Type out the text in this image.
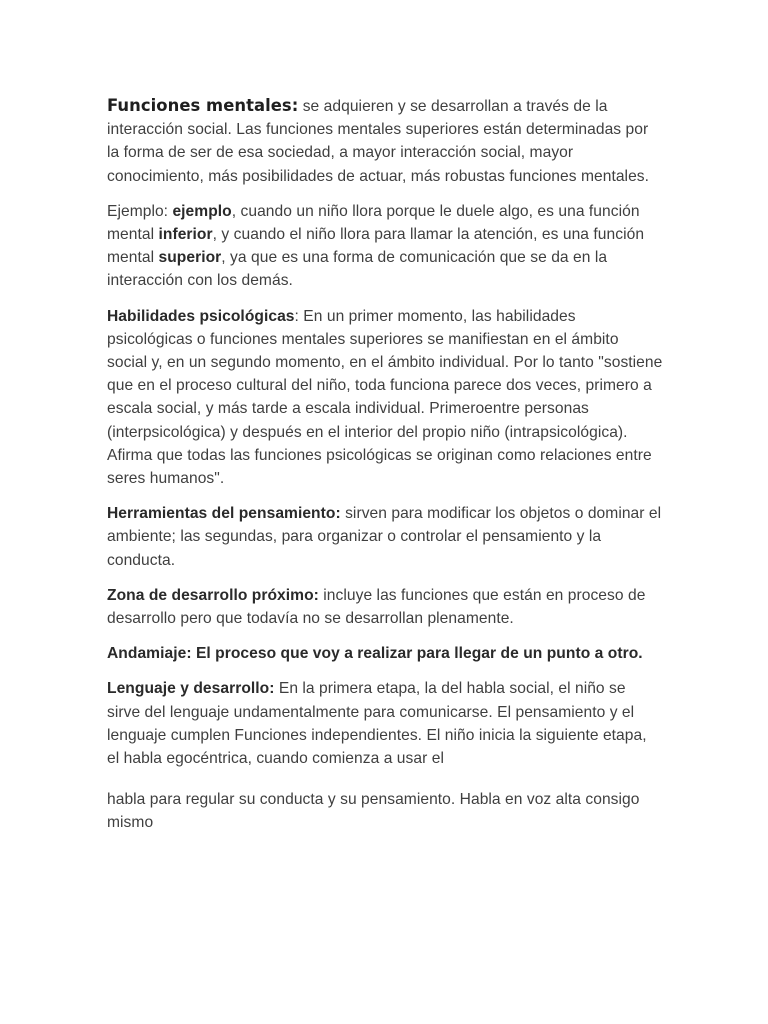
Funciones mentales: se adquieren y se desarrollan a través de la interacción social. Las funciones mentales superiores están determinadas por la forma de ser de esa sociedad, a mayor interacción social, mayor conocimiento, más posibilidades de actuar, más robustas funciones mentales.

Ejemplo: ejemplo, cuando un niño llora porque le duele algo, es una función mental inferior, y cuando el niño llora para llamar la atención, es una función mental superior, ya que es una forma de comunicación que se da en la interacción con los demás.

Habilidades psicológicas: En un primer momento, las habilidades psicológicas o funciones mentales superiores se manifiestan en el ámbito social y, en un segundo momento, en el ámbito individual. Por lo tanto "sostiene que en el proceso cultural del niño, toda funciona parece dos veces, primero a escala social, y más tarde a escala individual. Primeroentre personas (interpsicológica) y después en el interior del propio niño (intrapsicológica). Afirma que todas las funciones psicológicas se originan como relaciones entre seres humanos".

Herramientas del pensamiento: sirven para modificar los objetos o dominar el ambiente; las segundas, para organizar o controlar el pensamiento y la conducta.

Zona de desarrollo próximo: incluye las funciones que están en proceso de desarrollo pero que todavía no se desarrollan plenamente.

Andamiaje: El proceso que voy a realizar para llegar de un punto a otro.

Lenguaje y desarrollo: En la primera etapa, la del habla social, el niño se sirve del lenguaje undamentalmente para comunicarse. El pensamiento y el lenguaje cumplen Funciones independientes. El niño inicia la siguiente etapa, el habla egocéntrica, cuando comienza a usar el

habla para regular su conducta y su pensamiento. Habla en voz alta consigo mismo
